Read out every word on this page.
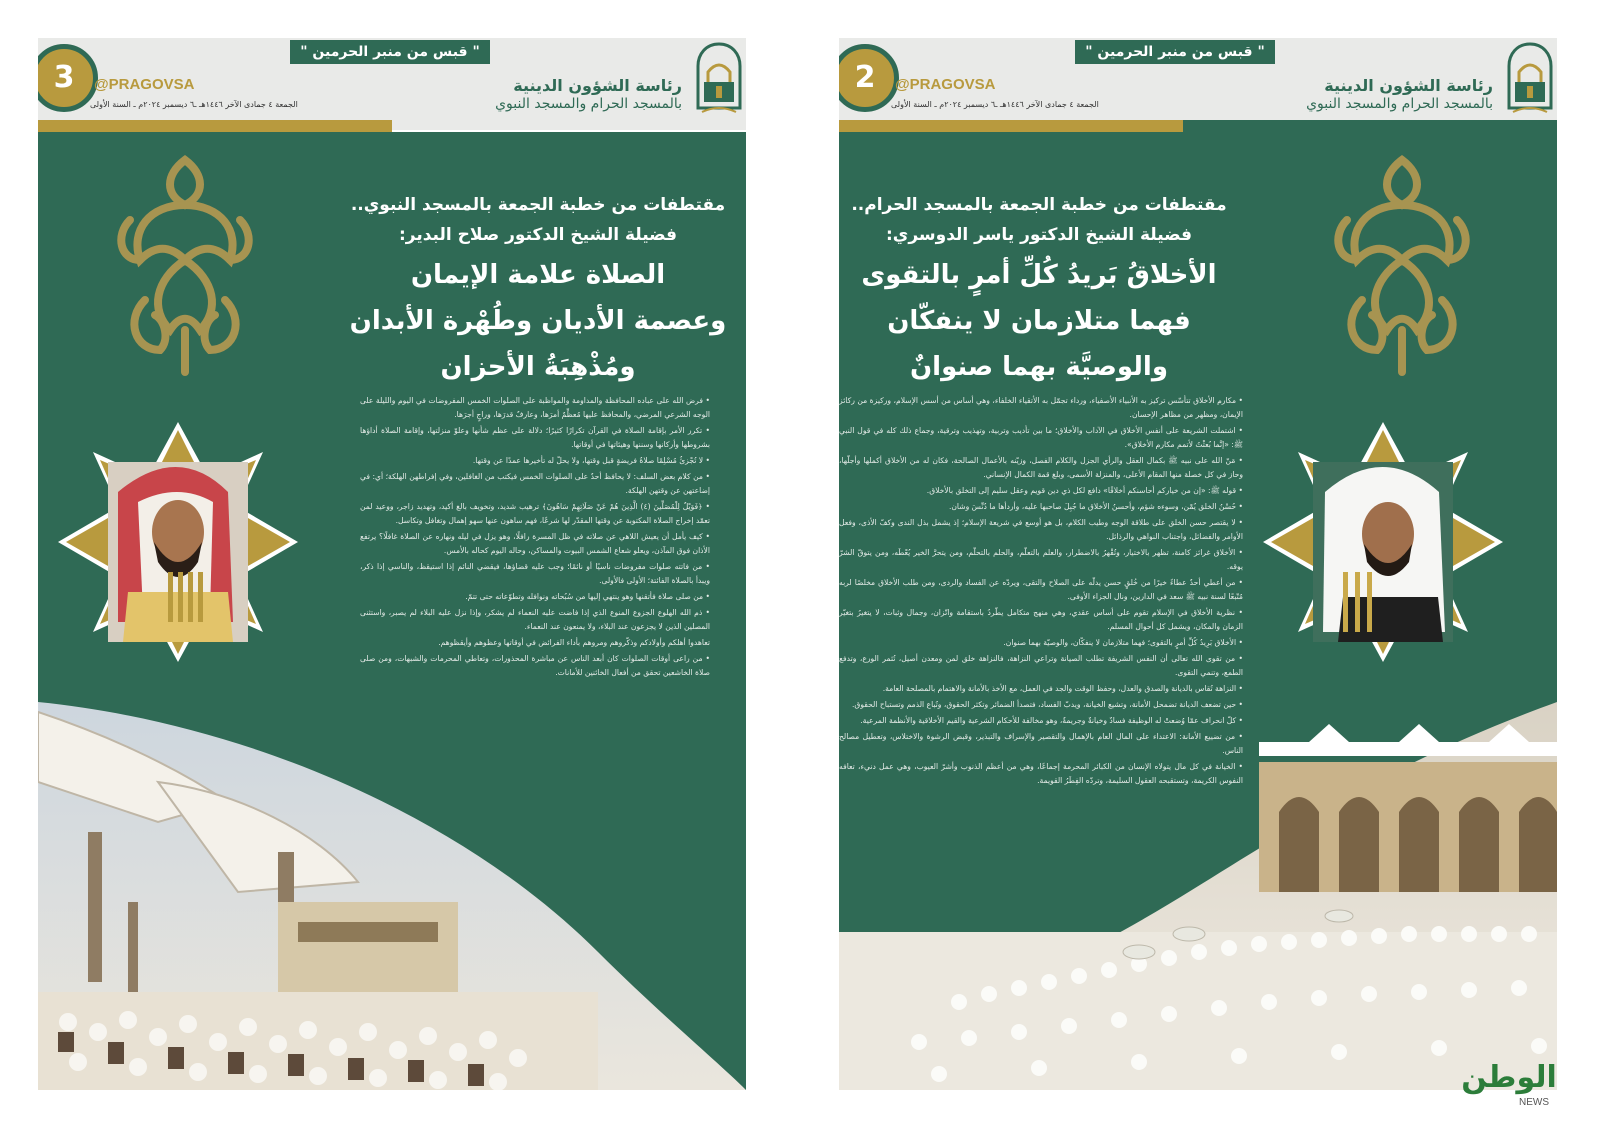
3	@PRAGOVSA
الجمعة ٤ جمادى الآخر ١٤٤٦هـ ـ٦ ديسمبر ٢٠٢٤م ـ السنة الأولى
" قبس من منبر الحرمين "
رئاسة الشؤون الدينية
بالمسجد الحرام والمسجد النبوي
مقتطفات من خطبة الجمعة بالمسجد النبوي..
فضيلة الشيخ الدكتور صلاح البدير:
الصلاة علامة الإيمان
وعصمة الأديان وطُهْرة الأبدان
ومُذْهِبَةُ الأحزان

• فرض الله على عباده المحافظة والمداومة والمواظبة على الصلوات الخمس المفروضات في اليوم والليلة على الوجه الشرعي المرضي، والمحافظ عليها مُعظِّمٌ أمرَها، وعارفٌ قدرَها، وراجٍ أجرَها.

• تكرر الأمر بإقامة الصلاة في القرآن تكرارًا كثيرًا؛ دلالة على عظم شأنها وعلوّ منزلتها، وإقامة الصلاة أداؤها بشروطها وأركانها وسننها وهيئاتها في أوقاتها.

• لا تُجْزئُ مُسْلِمًا صلاةُ فريضةٍ قبل وقتها، ولا يحلّ له تأخيرها عمدًا عن وقتها.

• من كلام بعض السلف: لا يحافظ أحدٌ على الصلوات الخمس فيكتب من الغافلين، وفي إفراطهن الهلكة؛ أي: في إضاعتهن عن وقتهن الهلكة.

• ﴿فَوَيْلٌ لِلْمُصَلِّينَ (٤) الَّذِينَ هُمْ عَنْ صَلَاتِهِمْ سَاهُونَ﴾ ترهيب شديد، وتخويف بالغ أكيد، وتهديد زاجر، ووعيد لمن تعمّد إخراج الصلاة المكتوبة عن وقتها المقدّر لها شرعًا، فهم ساهون عنها سهو إهمال وتغافل وتكاسل.

• كيف يأمل أن يعيش اللاهي عن صلاته في ظل المسرة رافلًا، وهو يزل في ليله ونهاره عن الصلاة غافلًا؟ يرتفع الأذان فوق المآذن، ويعلو شعاع الشمس البيوت والمساكن، وحاله اليوم كحاله بالأمس.

• من فاتته صلوات مفروضات ناسيًا أو نائمًا؛ وجب عليه قضاؤها، فيقضي النائم إذا استيقظ، والناسي إذا ذكر، ويبدأ بالصلاة الفائتة؛ الأولى فالأولى.

• من صلى صلاة فأتقنها وهو ينتهي إليها من سُبُحاته ونوافله وتطوّعاته حتى تتمّ.

• ذم الله الهلوع الجزوع المنوع الذي إذا فاضت عليه النعماء لم يشكر، وإذا نزل عليه البلاء لم يصبر، واستثنى المصلين الذين لا يجزعون عند البلاء، ولا يمنعون عند النعماء.

تعاهدوا أهلكم وأولادكم وذكّروهم ومروهم بأداء الفرائض في أوقاتها وعظوهم وأيقظوهم.

• من راعى أوقات الصلوات كان أبعد الناس عن مباشرة المحذورات، وتعاطي المحرمات والشبهات، ومن صلى صلاة الخاشعين تحقق من أفعال الخائنين للأمانات.

2	@PRAGOVSA
الجمعة ٤ جمادى الآخر ١٤٤٦هـ ـ٦ ديسمبر ٢٠٢٤م ـ السنة الأولى
" قبس من منبر الحرمين "
رئاسة الشؤون الدينية
بالمسجد الحرام والمسجد النبوي
مقتطفات من خطبة الجمعة بالمسجد الحرام..
فضيلة الشيخ الدكتور ياسر الدوسري:
الأخلاقُ بَريدُ كُلِّ أمرٍ بالتقوى
فهما متلازمان لا ينفكّان
والوصيَّة بهما صنوانٌ

• مكارم الأخلاق تتأسّس تركيز به الأنبياء الأصفياء، ورداء تجمّل به الأتقياء الخلفاء، وهي أساس من أسس الإسلام، وركيزة من ركائز الإيمان، ومظهر من مظاهر الإحسان.

• اشتملت الشريعة على أنفس الأخلاق في الآداب والأخلاق؛ ما بين تأديب وتربية، وتهذيب وترقية، وجماع ذلك كله في قول النبي ﷺ: «إنَّما بُعثْتُ لأتمم مكارم الأخلاق».

• مَنّ الله على نبيه ﷺ بكمال العقل والرأي الجزل والكلام الفصل، وزيّنه بالأعمال الصالحة، فكان له من الأخلاق أكملها وأجلّها، وحاز في كل خصلة منها المقام الأعلى، والمنزلة الأسمى، وبلغ قمة الكمال الإنساني.

• قوله ﷺ: «إن من خياركم أحاسنكم أخلاقًا» دافع لكل ذي دين قويم وعقل سليم إلى التخلق بالأخلاق.

• حُسْنُ الخلق يُمْن، وسوءه شؤم، وأحسنُ الأخلاق ما جُبِلَ صاحبها عليه، وأردأها ما دُنِّسَ وشان.

• لا يقتصر حسن الخلق على طلاقة الوجه وطيب الكلام، بل هو أوسع في شريعة الإسلام؛ إذ يشمل بذل الندى وكفّ الأذى، وفعل الأوامر والفضائل، واجتناب النواهي والرذائل.

• الأخلاق غرائز كامنة، تظهر بالاختيار، وتُقْهرُ بالاضطرار، والعلم بالتعلّم، والحلم بالتحلّم، ومن يتحرَّ الخير يُعْطَه، ومن يتوقّ الشرّ يوقه.

• من أعطي أحدٌ عطاءً خيرًا من خُلقٍ حسن يدلّه على الصلاح والتقى، ويردّه عن الفساد والردى، ومن طلب الأخلاق مخلصًا لربه مُتّبعًا لسنة نبيه ﷺ سعد في الدارين، ونال الجزاء الأوفى.

• نظرية الأخلاق في الإسلام تقوم على أساس عقدي، وهي منهج متكامل يطّردُ باستقامة واتّزان، وجمال وثبات، لا يتغيرُ بتغيّر الزمان والمكان، ويشمل كل أحوال المسلم.

• الأخلاق بَرِيدُ كُلِّ أمرٍ بالتقوى؛ فهما متلازمان لا ينفكّان، والوصيّة بهما صنوان.

• من تقوى الله تعالى أن النفس الشريفة تطلب الصيانة وتراعي النزاهة، فالنزاهة خلق لمن ومعدن أصيل، تُثمر الورع، وتدفع الطمع، وتنمي التقوى.

• النزاهة تُقاس بالديانة والصدق والعدل، وحفظ الوقت والجد في العمل، مع الأخذ بالأمانة والاهتمام بالمصلحة العامة.

• حين تضعف الديانة تضمحل الأمانة، وتشيع الخيانة، ويدبّ الفساد، فتصدأ الضمائر وتكثر الحقوق، وتُباع الذمم وتستباح الحقوق.

• كلّ انحراف عمّا وُضعتْ له الوظيفة فسادٌ وخيانةٌ وجريمةٌ، وهو مخالفة للأحكام الشرعية والقيم الأخلاقية والأنظمة المرعية.

• من تضييع الأمانة: الاعتداء على المال العام بالإهمال والتقصير والإسراف والتبذير، وقبض الرشوة والاختلاس، وتعطيل مصالح الناس.

• الخيانة في كل مال يتولاه الإنسان من الكبائر المحرمة إجماعًا، وهي من أعظم الذنوب وأشرّ العيوب، وهي عمل دنيء، تعافه النفوس الكريمة، وتستقبحه العقول السليمة، وتردّه الفِطَرُ القويمة.

الوطن
NEWS
